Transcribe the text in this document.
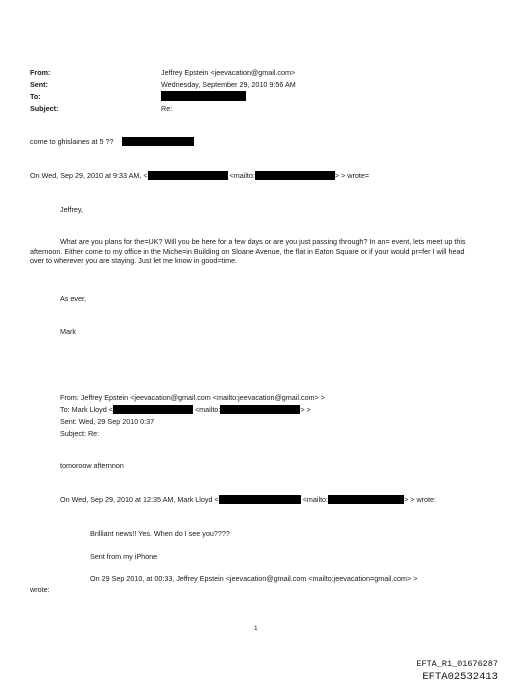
From:	Jeffrey Epstein <jeevacation@gmail.com>
Sent:	Wednesday, September 29, 2010 9:56 AM
To:
Subject:	Re:
come to ghislaines at 5 ??
On Wed, Sep 29, 2010 at 9:33 AM, <	<mailto:	> > wrote=
Jeffrey,
What are you plans for the=UK? Will you be here for a few days or are you just passing through? In an= event, lets meet up this afternoon. Either come to my office in the Miche=in Building on Sloane Avenue, the flat in Eaton Square or if your would pr=fer I will head over to wherever you are staying. Just let me know in good=time.
As ever,
Mark
From: Jeffrey Epstein <jeevacation@gmail.com <mailto:jeevacation@gmail.com> >
To: Mark Lloyd <	<mailto:	> >
Sent: Wed, 29 Sep 2010 0:37
Subject: Re:
tomoroow afternnon
On Wed, Sep 29, 2010 at 12:35 AM, Mark Lloyd <	<mailto:	> > wrote:
Brilliant news!! Yes. When do I see you????
Sent from my iPhone
On 29 Sep 2010, at 00:33, Jeffrey Epstein <jeevacation@gmail.com <mailto:jeevacation=gmail.com> >
wrote:
1
EFTA_R1_01676287
EFTA02532413
